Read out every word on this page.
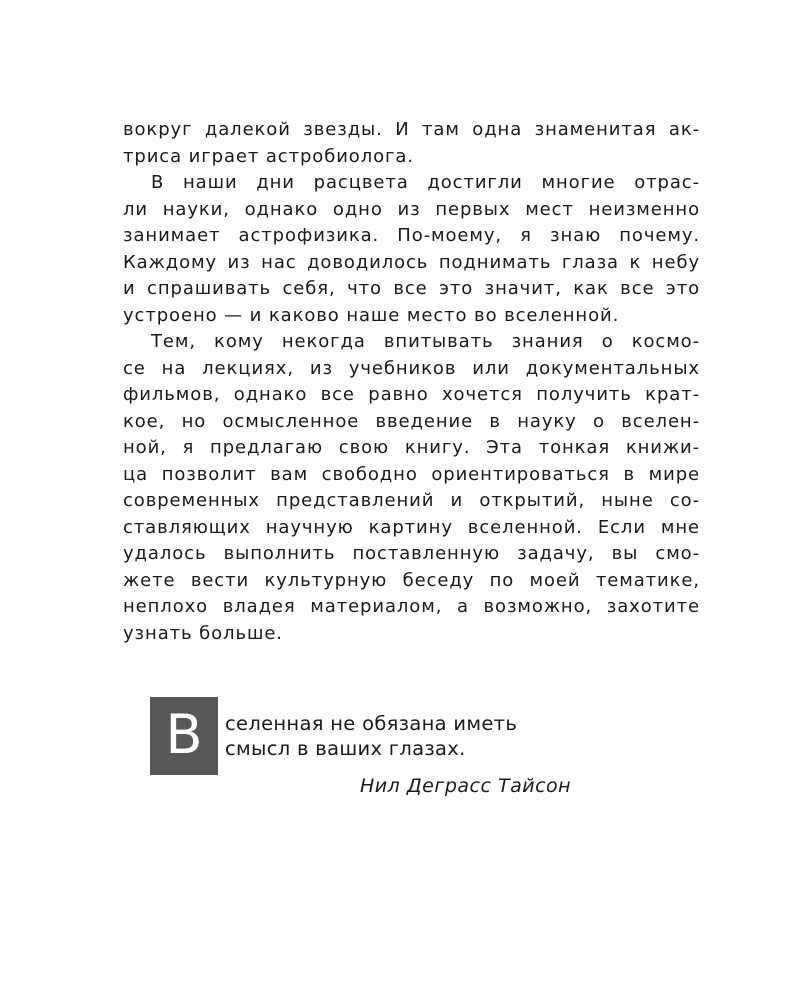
вокруг далекой звезды. И там одна знаменитая ак-
триса играет астробиолога.
В наши дни расцвета достигли многие отрас-
ли науки, однако одно из первых мест неизменно
занимает астрофизика. По-моему, я знаю почему.
Каждому из нас доводилось поднимать глаза к небу
и спрашивать себя, что все это значит, как все это
устроено — и каково наше место во вселенной.
Тем, кому некогда впитывать знания о космо-
се на лекциях, из учебников или документальных
фильмов, однако все равно хочется получить крат-
кое, но осмысленное введение в науку о вселен-
ной, я предлагаю свою книгу. Эта тонкая книжи-
ца позволит вам свободно ориентироваться в мире
современных представлений и открытий, ныне со-
ставляющих научную картину вселенной. Если мне
удалось выполнить поставленную задачу, вы смо-
жете вести культурную беседу по моей тематике,
неплохо владея материалом, а возможно, захотите
узнать больше.
В селенная не обязана иметь
смысл в ваших глазах.
Нил Деграсс Тайсон
